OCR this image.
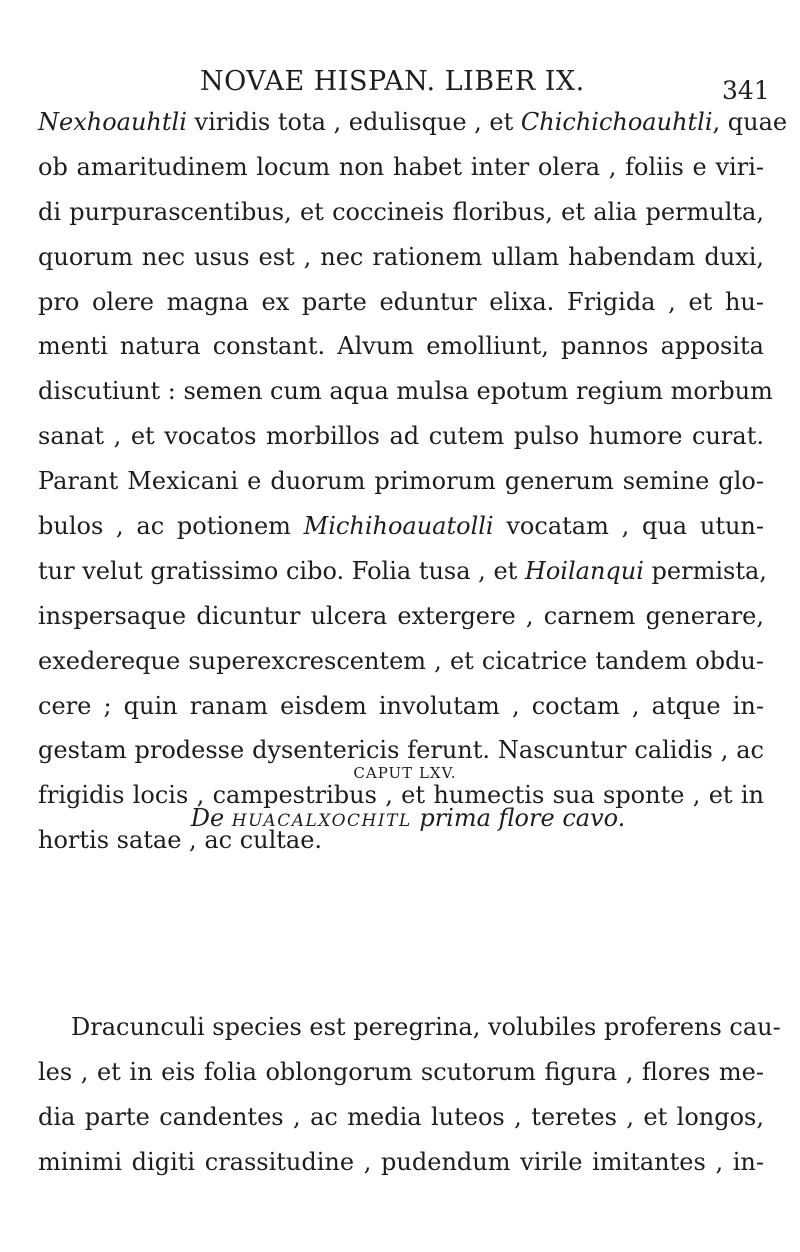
NOVAE HISPAN. LIBER IX.	341
Nexhoauhtli viridis tota , edulisque , et Chichichoauhtli, quae
ob amaritudinem locum non habet inter olera , foliis e viri-
di purpurascentibus, et coccineis floribus, et alia permulta,
quorum nec usus est , nec rationem ullam habendam duxi,
pro olere magna ex parte eduntur elixa. Frigida , et hu-
menti natura constant. Alvum emolliunt, pannos apposita
discutiunt : semen cum aqua mulsa epotum regium morbum
sanat , et vocatos morbillos ad cutem pulso humore curat.
Parant Mexicani e duorum primorum generum semine glo-
bulos , ac potionem Michihoauatolli vocatam , qua utun-
tur velut gratissimo cibo. Folia tusa , et Hoilanqui permista,
inspersaque dicuntur ulcera extergere , carnem generare,
exedereque superexcrescentem , et cicatrice tandem obdu-
cere ; quin ranam eisdem involutam , coctam , atque in-
gestam prodesse dysentericis ferunt. Nascuntur calidis , ac
frigidis locis , campestribus , et humectis sua sponte , et in
hortis satae , ac cultae.
CAPUT LXV.
De HUACALXOCHITL prima flore cavo.
Dracunculi species est peregrina, volubiles proferens cau-
les , et in eis folia oblongorum scutorum figura , flores me-
dia parte candentes , ac media luteos , teretes , et longos,
minimi digiti crassitudine , pudendum virile imitantes , in-
